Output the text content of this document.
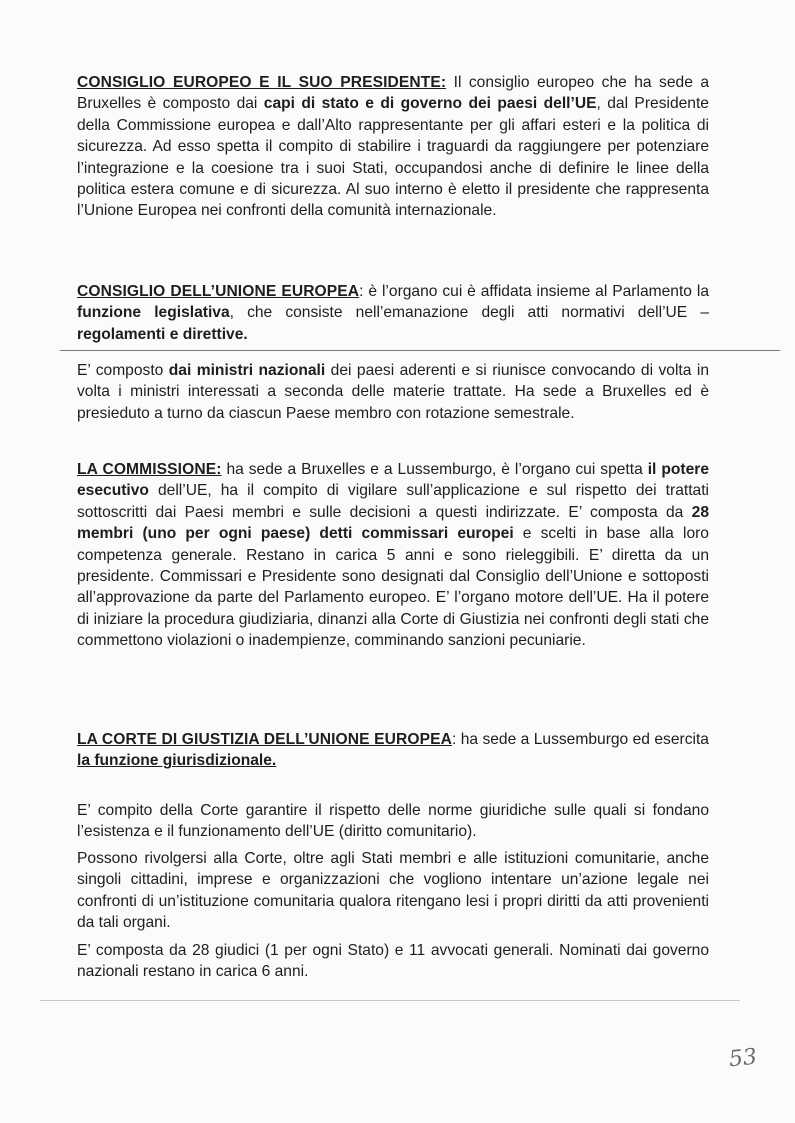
CONSIGLIO EUROPEO E IL SUO PRESIDENTE: Il consiglio europeo che ha sede a Bruxelles è composto dai capi di stato e di governo dei paesi dell’UE, dal Presidente della Commissione europea e dall’Alto rappresentante per gli affari esteri e la politica di sicurezza. Ad esso spetta il compito di stabilire i traguardi da raggiungere per potenziare l’integrazione e la coesione tra i suoi Stati, occupandosi anche di definire le linee della politica estera comune e di sicurezza. Al suo interno è eletto il presidente che rappresenta l’Unione Europea nei confronti della comunità internazionale.

CONSIGLIO DELL’UNIONE EUROPEA: è l’organo cui è affidata insieme al Parlamento la funzione legislativa, che consiste nell’emanazione degli atti normativi dell’UE – regolamenti e direttive.

E’ composto dai ministri nazionali dei paesi aderenti e si riunisce convocando di volta in volta i ministri interessati a seconda delle materie trattate. Ha sede a Bruxelles ed è presieduto a turno da ciascun Paese membro con rotazione semestrale.

LA COMMISSIONE: ha sede a Bruxelles e a Lussemburgo, è l’organo cui spetta il potere esecutivo dell’UE, ha il compito di vigilare sull’applicazione e sul rispetto dei trattati sottoscritti dai Paesi membri e sulle decisioni a questi indirizzate. E’ composta da 28 membri (uno per ogni paese) detti commissari europei e scelti in base alla loro competenza generale. Restano in carica 5 anni e sono rieleggibili. E’ diretta da un presidente. Commissari e Presidente sono designati dal Consiglio dell’Unione e sottoposti all’approvazione da parte del Parlamento europeo. E’ l’organo motore dell’UE. Ha il potere di iniziare la procedura giudiziaria, dinanzi alla Corte di Giustizia nei confronti degli stati che commettono violazioni o inadempienze, comminando sanzioni pecuniarie.

LA CORTE DI GIUSTIZIA DELL’UNIONE EUROPEA: ha sede a Lussemburgo ed esercita la funzione giurisdizionale.

E’ compito della Corte garantire il rispetto delle norme giuridiche sulle quali si fondano l’esistenza e il funzionamento dell’UE (diritto comunitario).

Possono rivolgersi alla Corte, oltre agli Stati membri e alle istituzioni comunitarie, anche singoli cittadini, imprese e organizzazioni che vogliono intentare un’azione legale nei confronti di un’istituzione comunitaria qualora ritengano lesi i propri diritti da atti provenienti da tali organi.

E’ composta da 28 giudici (1 per ogni Stato) e 11 avvocati generali. Nominati dai governo nazionali restano in carica 6 anni.

53
